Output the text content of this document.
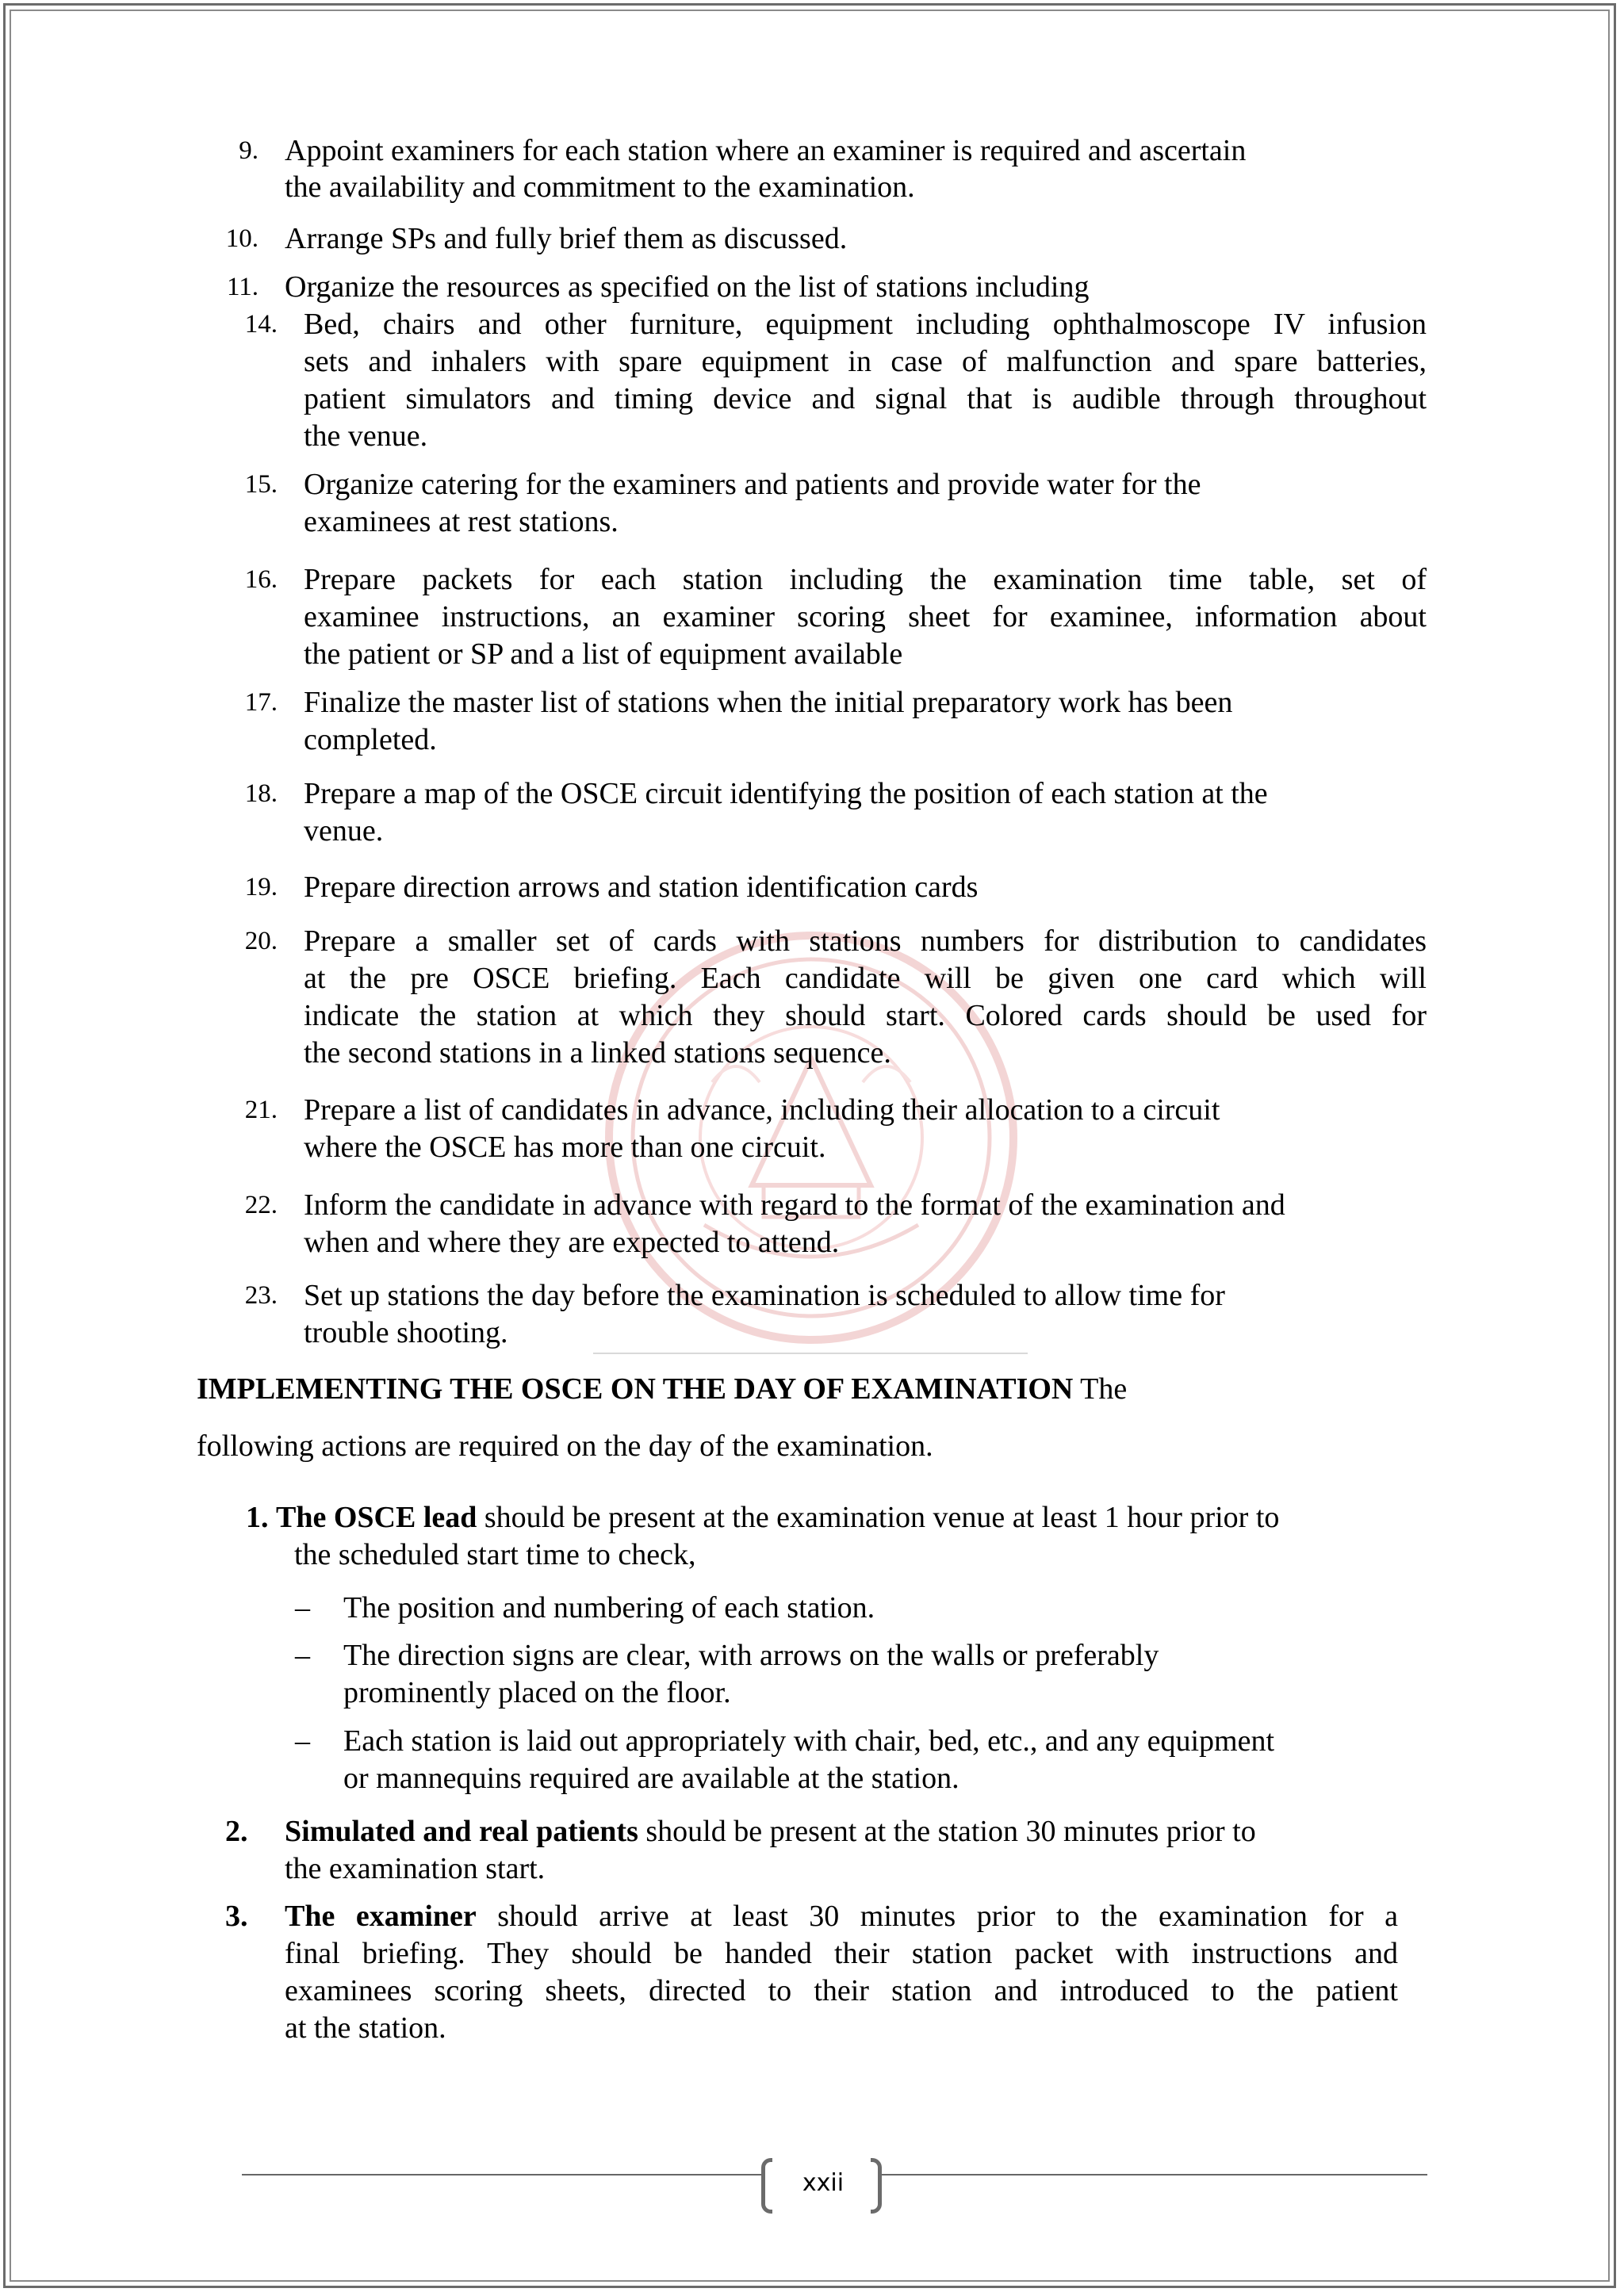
9. Appoint examiners for each station where an examiner is required and ascertain
the availability and commitment to the examination.
10. Arrange SPs and fully brief them as discussed.
11. Organize the resources as specified on the list of stations including
14. Bed, chairs and other furniture, equipment including ophthalmoscope IV infusion
sets and inhalers with spare equipment in case of malfunction and spare batteries,
patient simulators and timing device and signal that is audible through throughout
the venue.
15. Organize catering for the examiners and patients and provide water for the
examinees at rest stations.
16. Prepare packets for each station including the examination time table, set of
examinee instructions, an examiner scoring sheet for examinee, information about
the patient or SP and a list of equipment available
17. Finalize the master list of stations when the initial preparatory work has been
completed.
18. Prepare a map of the OSCE circuit identifying the position of each station at the
venue.
19. Prepare direction arrows and station identification cards
20. Prepare a smaller set of cards with stations numbers for distribution to candidates
at the pre OSCE briefing. Each candidate will be given one card which will
indicate the station at which they should start. Colored cards should be used for
the second stations in a linked stations sequence.
21. Prepare a list of candidates in advance, including their allocation to a circuit
where the OSCE has more than one circuit.
22. Inform the candidate in advance with regard to the format of the examination and
when and where they are expected to attend.
23. Set up stations the day before the examination is scheduled to allow time for
trouble shooting.
IMPLEMENTING THE OSCE ON THE DAY OF EXAMINATION The
following actions are required on the day of the examination.
1. The OSCE lead should be present at the examination venue at least 1 hour prior to
the scheduled start time to check,
– The position and numbering of each station.
– The direction signs are clear, with arrows on the walls or preferably
prominently placed on the floor.
– Each station is laid out appropriately with chair, bed, etc., and any equipment
or mannequins required are available at the station.
2. Simulated and real patients should be present at the station 30 minutes prior to
the examination start.
3. The examiner should arrive at least 30 minutes prior to the examination for a
final briefing. They should be handed their station packet with instructions and
examinees scoring sheets, directed to their station and introduced to the patient
at the station.
xxii
